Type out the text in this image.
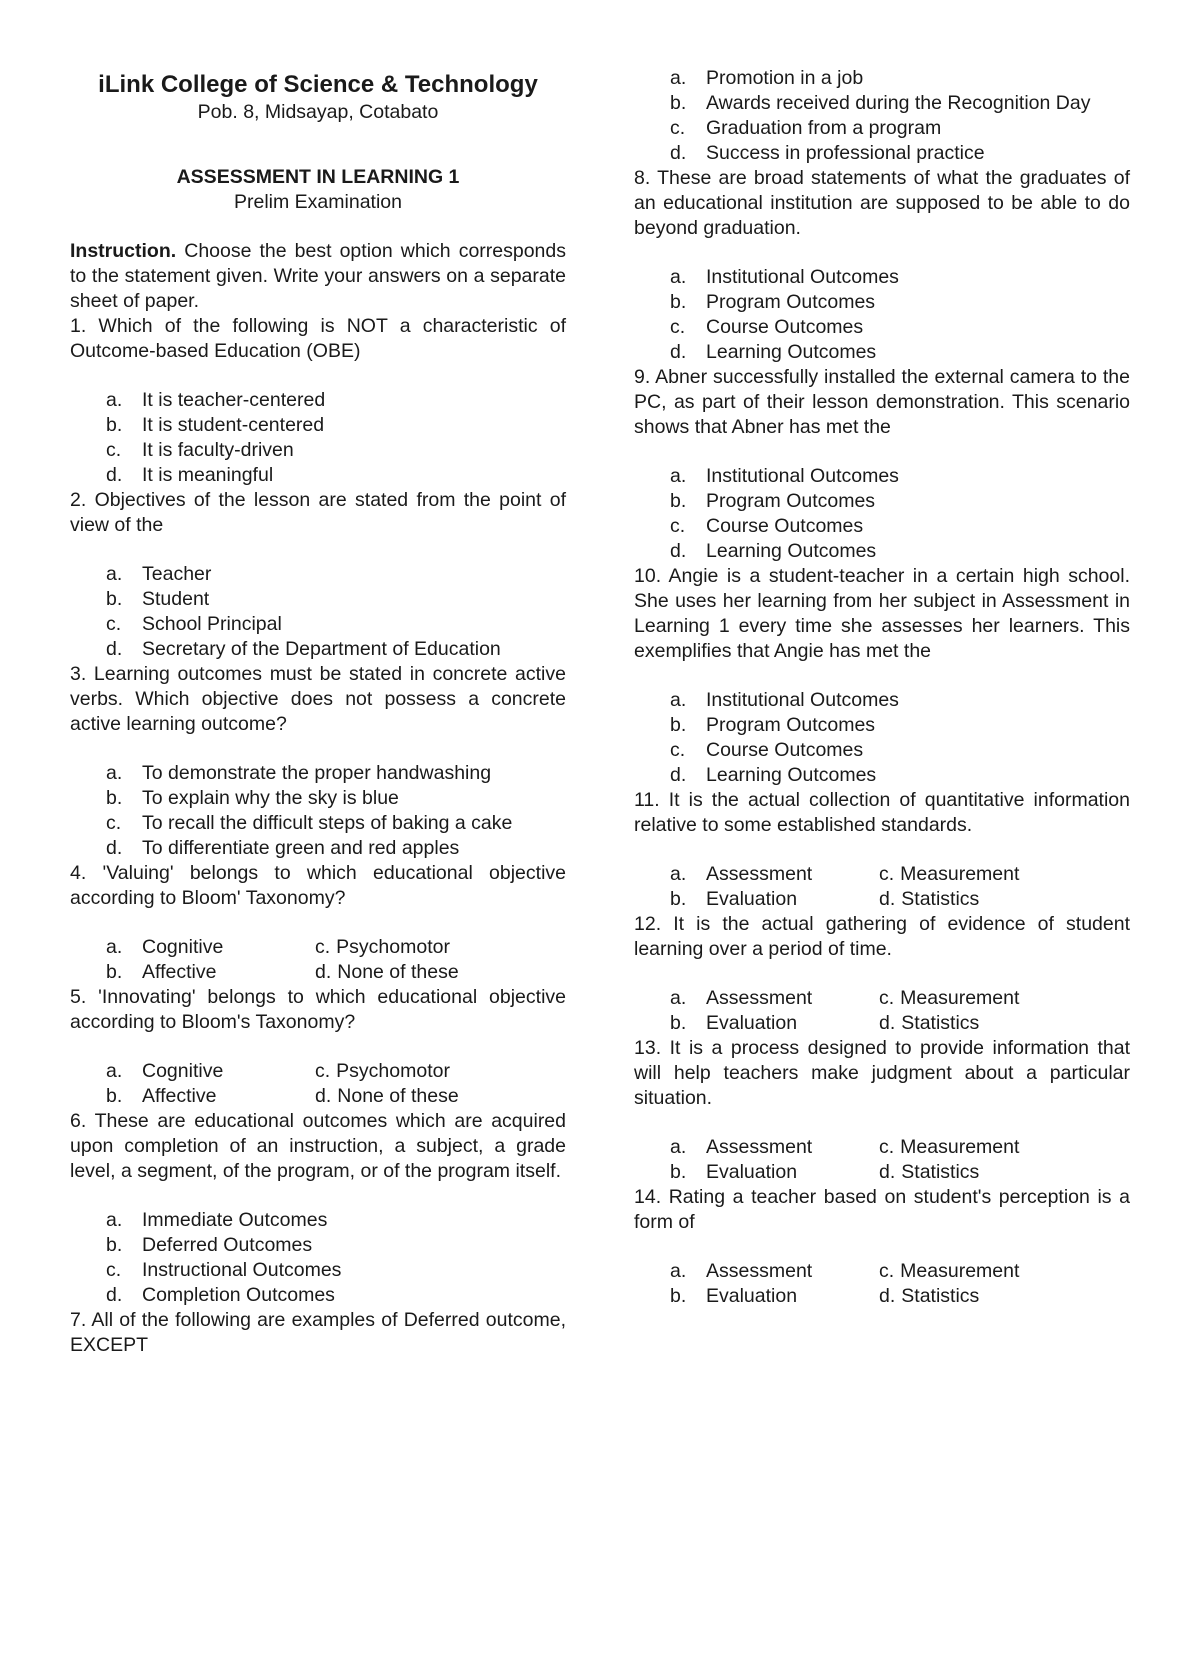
iLink College of Science & Technology

Pob. 8, Midsayap, Cotabato

ASSESSMENT IN LEARNING 1

Prelim Examination

Instruction. Choose the best option which corresponds to the statement given. Write your answers on a separate sheet of paper.

1. Which of the following is NOT a characteristic of Outcome-based Education (OBE)

a.	It is teacher-centered
b.	It is student-centered
c.	It is faculty-driven
d.	It is meaningful

2. Objectives of the lesson are stated from the point of view of the

a.	Teacher
b.	Student
c.	School Principal
d.	Secretary of the Department of Education

3. Learning outcomes must be stated in concrete active verbs. Which objective does not possess a concrete active learning outcome?

a.	To demonstrate the proper handwashing
b.	To explain why the sky is blue
c.	To recall the difficult steps of baking a cake
d.	To differentiate green and red apples

4. 'Valuing' belongs to which educational objective according to Bloom' Taxonomy?

a.	Cognitive	c. Psychomotor
b.	Affective	d. None of these

5. 'Innovating' belongs to which educational objective according to Bloom's Taxonomy?

a.	Cognitive	c. Psychomotor
b.	Affective	d. None of these

6. These are educational outcomes which are acquired upon completion of an instruction, a subject, a grade level, a segment, of the program, or of the program itself.

a.	Immediate Outcomes
b.	Deferred Outcomes
c.	Instructional Outcomes
d.	Completion Outcomes

7. All of the following are examples of Deferred outcome, EXCEPT

a.	Promotion in a job
b.	Awards received during the Recognition Day
c.	Graduation from a program
d.	Success in professional practice

8. These are broad statements of what the graduates of an educational institution are supposed to be able to do beyond graduation.

a.	Institutional Outcomes
b.	Program Outcomes
c.	Course Outcomes
d.	Learning Outcomes

9. Abner successfully installed the external camera to the PC, as part of their lesson demonstration. This scenario shows that Abner has met the

a.	Institutional Outcomes
b.	Program Outcomes
c.	Course Outcomes
d.	Learning Outcomes

10. Angie is a student-teacher in a certain high school. She uses her learning from her subject in Assessment in Learning 1 every time she assesses her learners. This exemplifies that Angie has met the

a.	Institutional Outcomes
b.	Program Outcomes
c.	Course Outcomes
d.	Learning Outcomes

11. It is the actual collection of quantitative information relative to some established standards.

a.	Assessment	c. Measurement
b.	Evaluation	d. Statistics

12. It is the actual gathering of evidence of student learning over a period of time.

a.	Assessment	c. Measurement
b.	Evaluation	d. Statistics

13. It is a process designed to provide information that will help teachers make judgment about a particular situation.

a.	Assessment	c. Measurement
b.	Evaluation	d. Statistics

14. Rating a teacher based on student's perception is a form of

a.	Assessment	c. Measurement
b.	Evaluation	d. Statistics
